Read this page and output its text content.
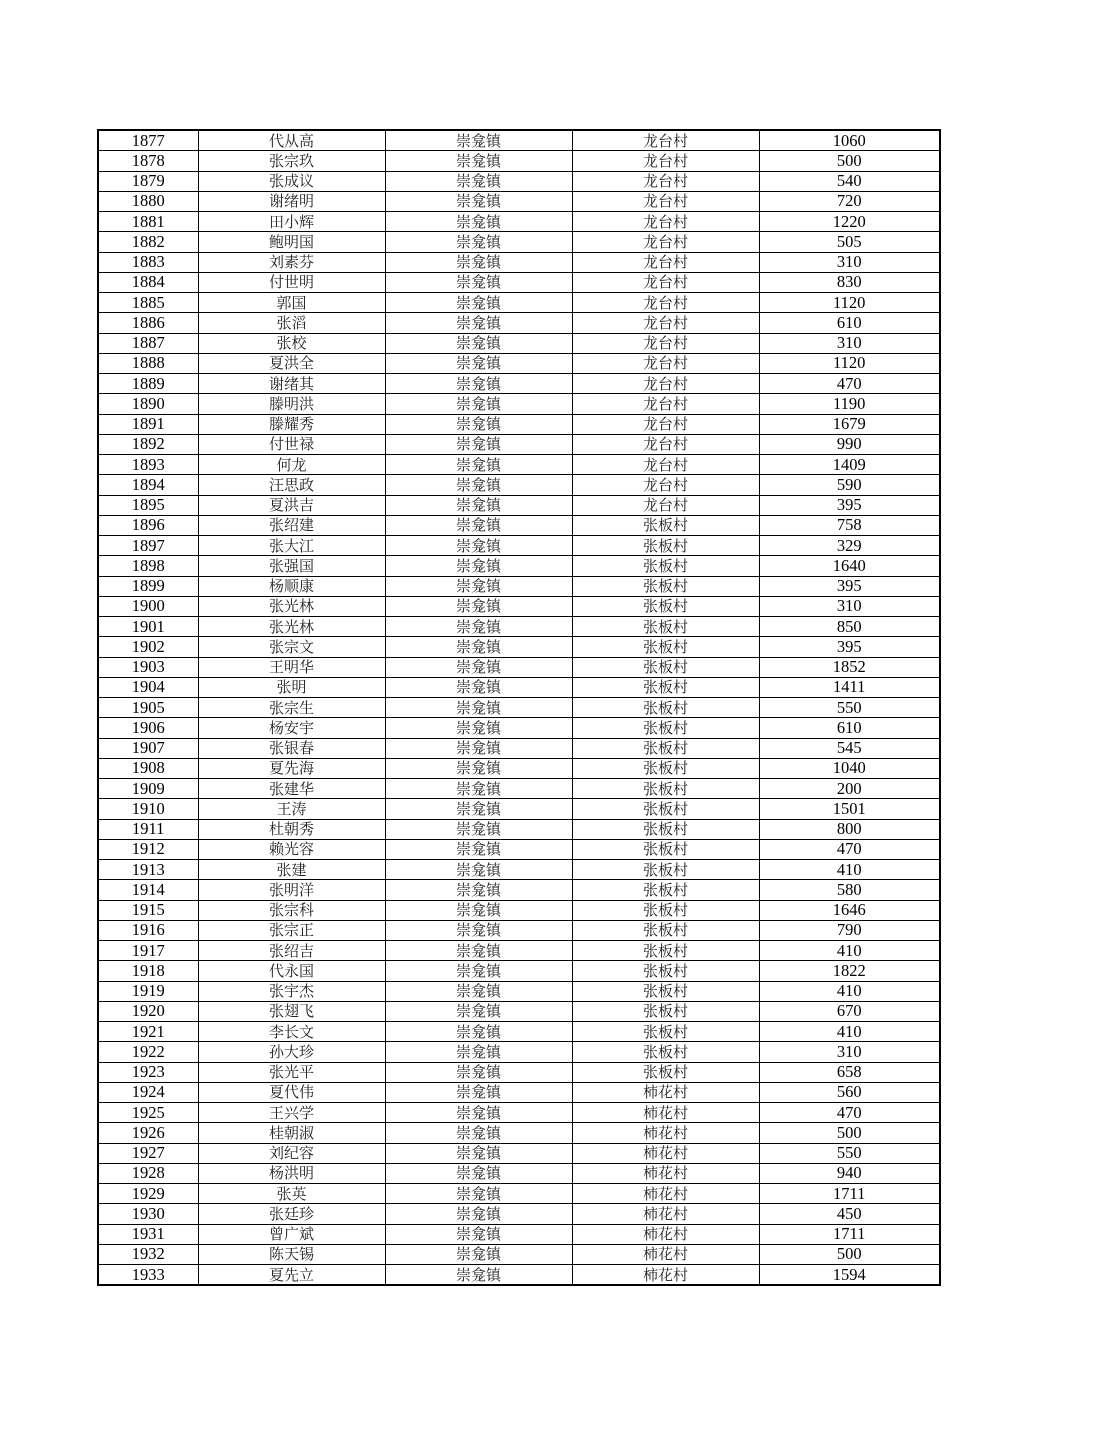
1877	代从高	崇龛镇	龙台村	1060
1878	张宗玖	崇龛镇	龙台村	500
1879	张成议	崇龛镇	龙台村	540
1880	谢绪明	崇龛镇	龙台村	720
1881	田小辉	崇龛镇	龙台村	1220
1882	鲍明国	崇龛镇	龙台村	505
1883	刘素芬	崇龛镇	龙台村	310
1884	付世明	崇龛镇	龙台村	830
1885	郭国	崇龛镇	龙台村	1120
1886	张滔	崇龛镇	龙台村	610
1887	张校	崇龛镇	龙台村	310
1888	夏洪全	崇龛镇	龙台村	1120
1889	谢绪其	崇龛镇	龙台村	470
1890	滕明洪	崇龛镇	龙台村	1190
1891	滕耀秀	崇龛镇	龙台村	1679
1892	付世禄	崇龛镇	龙台村	990
1893	何龙	崇龛镇	龙台村	1409
1894	汪思政	崇龛镇	龙台村	590
1895	夏洪吉	崇龛镇	龙台村	395
1896	张绍建	崇龛镇	张板村	758
1897	张大江	崇龛镇	张板村	329
1898	张强国	崇龛镇	张板村	1640
1899	杨顺康	崇龛镇	张板村	395
1900	张光林	崇龛镇	张板村	310
1901	张光林	崇龛镇	张板村	850
1902	张宗文	崇龛镇	张板村	395
1903	王明华	崇龛镇	张板村	1852
1904	张明	崇龛镇	张板村	1411
1905	张宗生	崇龛镇	张板村	550
1906	杨安宇	崇龛镇	张板村	610
1907	张银春	崇龛镇	张板村	545
1908	夏先海	崇龛镇	张板村	1040
1909	张建华	崇龛镇	张板村	200
1910	王涛	崇龛镇	张板村	1501
1911	杜朝秀	崇龛镇	张板村	800
1912	赖光容	崇龛镇	张板村	470
1913	张建	崇龛镇	张板村	410
1914	张明洋	崇龛镇	张板村	580
1915	张宗科	崇龛镇	张板村	1646
1916	张宗正	崇龛镇	张板村	790
1917	张绍吉	崇龛镇	张板村	410
1918	代永国	崇龛镇	张板村	1822
1919	张宇杰	崇龛镇	张板村	410
1920	张翅飞	崇龛镇	张板村	670
1921	李长文	崇龛镇	张板村	410
1922	孙大珍	崇龛镇	张板村	310
1923	张光平	崇龛镇	张板村	658
1924	夏代伟	崇龛镇	柿花村	560
1925	王兴学	崇龛镇	柿花村	470
1926	桂朝淑	崇龛镇	柿花村	500
1927	刘纪容	崇龛镇	柿花村	550
1928	杨洪明	崇龛镇	柿花村	940
1929	张英	崇龛镇	柿花村	1711
1930	张廷珍	崇龛镇	柿花村	450
1931	曾广斌	崇龛镇	柿花村	1711
1932	陈天锡	崇龛镇	柿花村	500
1933	夏先立	崇龛镇	柿花村	1594
